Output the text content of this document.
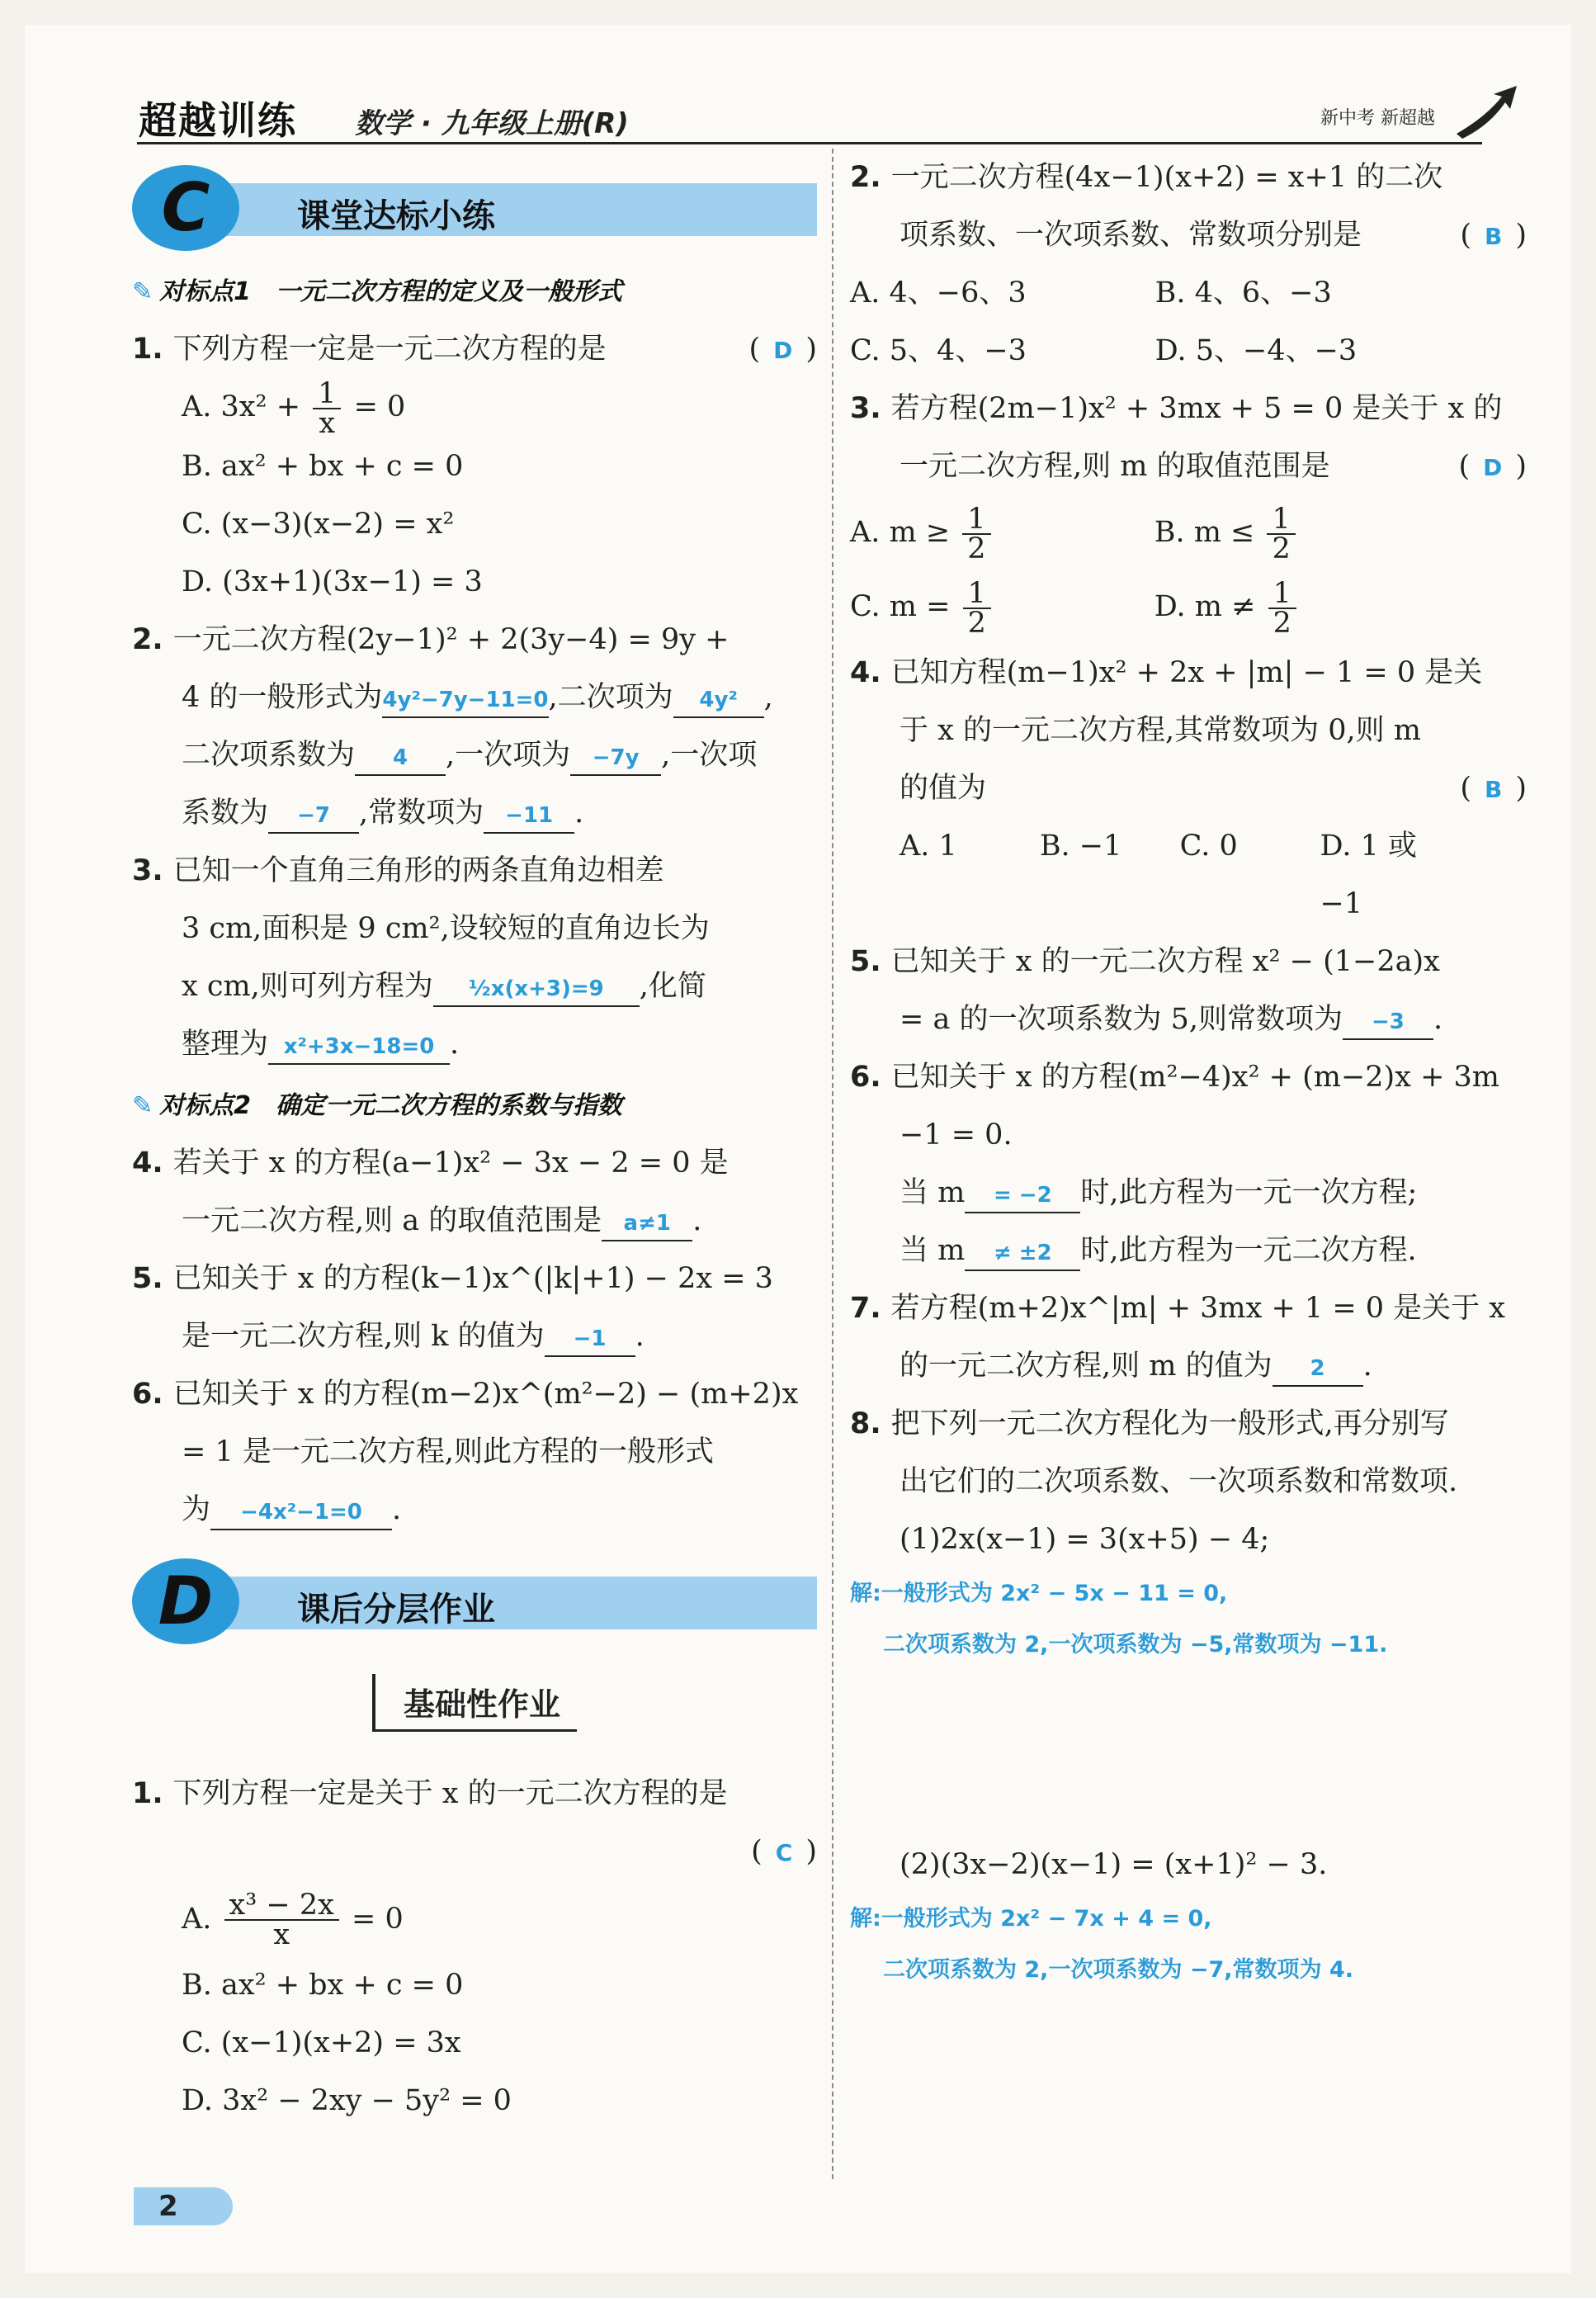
超越训练 数学 · 九年级上册(R)	新中考 新超越
C	课堂达标小练
✎ 对标点1　一元二次方程的定义及一般形式
1. 下列方程一定是一元二次方程的是	( D )
A. $3x^2 + \frac{1}{x} = 0$
B. ax² + bx + c = 0
C. (x−3)(x−2) = x²
D. (3x+1)(3x−1) = 3
2. 一元二次方程(2y−1)² + 2(3y−4) = 9y +
4 的一般形式为4y²−7y−11=0,二次项为 4y² ,
二次项系数为 4 ,一次项为 −7y ,一次项
系数为 −7 ,常数项为 −11 .
3. 已知一个直角三角形的两条直角边相差
3 cm,面积是 9 cm²,设较短的直角边长为
x cm,则可列方程为 ½x(x+3)=9 ,化简
整理为 x²+3x−18=0 .
✎ 对标点2　确定一元二次方程的系数与指数
4. 若关于 x 的方程(a−1)x² − 3x − 2 = 0 是
一元二次方程,则 a 的取值范围是 a≠1 .
5. 已知关于 x 的方程(k−1)x^(|k|+1) − 2x = 3
是一元二次方程,则 k 的值为 −1 .
6. 已知关于 x 的方程(m−2)x^(m²−2) − (m+2)x
= 1 是一元二次方程,则此方程的一般形式
为 −4x²−1=0 .
D	课后分层作业
基础性作业
1. 下列方程一定是关于 x 的一元二次方程的是
( C )
A. $\frac{\text{x³ − 2x}}{x} = 0$
B. ax² + bx + c = 0
C. (x−1)(x+2) = 3x
D. 3x² − 2xy − 5y² = 0
2. 一元二次方程(4x−1)(x+2) = x+1 的二次
项系数、一次项系数、常数项分别是	( B )
A. 4、−6、3	B. 4、6、−3
C. 5、4、−3	D. 5、−4、−3
3. 若方程(2m−1)x² + 3mx + 5 = 0 是关于 x 的
一元二次方程,则 m 的取值范围是	( D )
A. $m \ge \frac{1}{2}$	B. $m \le \frac{1}{2}$
C. $m = \frac{1}{2}$	D. $m \ne \frac{1}{2}$
4. 已知方程(m−1)x² + 2x + |m| − 1 = 0 是关
于 x 的一元二次方程,其常数项为 0,则 m
的值为	( B )
A. 1	B. −1	C. 0	D. 1 或 −1
5. 已知关于 x 的一元二次方程 x² − (1−2a)x
= a 的一次项系数为 5,则常数项为 −3 .
6. 已知关于 x 的方程(m²−4)x² + (m−2)x + 3m
−1 = 0.
当 m = −2 时,此方程为一元一次方程;
当 m ≠ ±2 时,此方程为一元二次方程.
7. 若方程(m+2)x^|m| + 3mx + 1 = 0 是关于 x
的一元二次方程,则 m 的值为 2 .
8. 把下列一元二次方程化为一般形式,再分别写
出它们的二次项系数、一次项系数和常数项.
(1)2x(x−1) = 3(x+5) − 4;
解:一般形式为 2x² − 5x − 11 = 0,
二次项系数为 2,一次项系数为 −5,常数项为 −11.
(2)(3x−2)(x−1) = (x+1)² − 3.
解:一般形式为 2x² − 7x + 4 = 0,
二次项系数为 2,一次项系数为 −7,常数项为 4.
2
